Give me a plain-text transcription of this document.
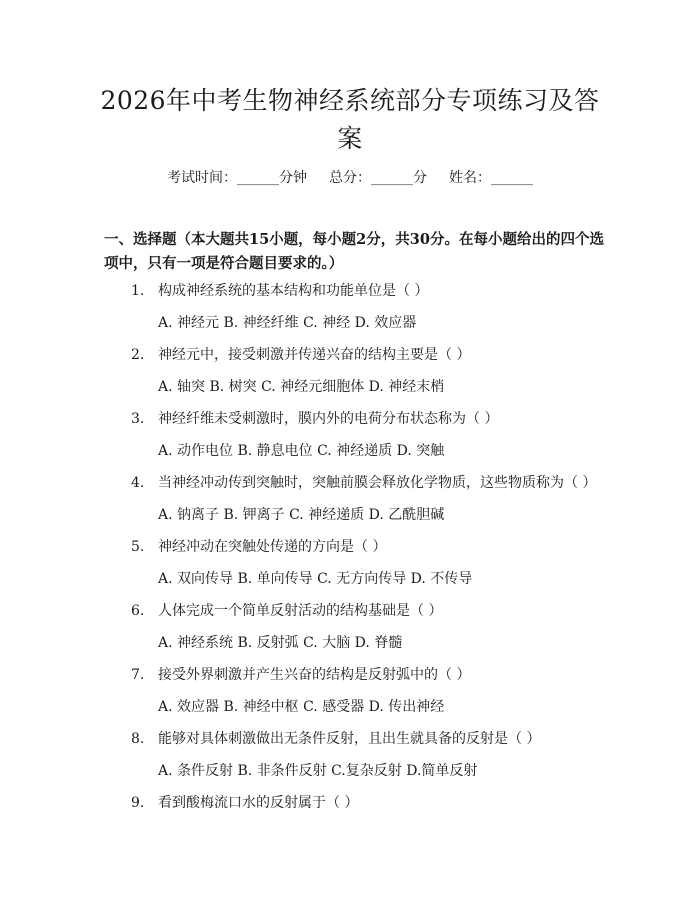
2026年中考生物神经系统部分专项练习及答
案
考试时间：______分钟 总分：______分 姓名：______
一、选择题（本大题共15小题，每小题2分，共30分。在每小题给出的四个选
项中，只有一项是符合题目要求的。）
1. 构成神经系统的基本结构和功能单位是（ ）
A. 神经元 B. 神经纤维 C. 神经 D. 效应器
2. 神经元中，接受刺激并传递兴奋的结构主要是（ ）
A. 轴突 B. 树突 C. 神经元细胞体 D. 神经末梢
3. 神经纤维未受刺激时，膜内外的电荷分布状态称为（ ）
A. 动作电位 B. 静息电位 C. 神经递质 D. 突触
4. 当神经冲动传到突触时，突触前膜会释放化学物质，这些物质称为（ ）
A. 钠离子 B. 钾离子 C. 神经递质 D. 乙酰胆碱
5. 神经冲动在突触处传递的方向是（ ）
A. 双向传导 B. 单向传导 C. 无方向传导 D. 不传导
6. 人体完成一个简单反射活动的结构基础是（ ）
A. 神经系统 B. 反射弧 C. 大脑 D. 脊髓
7. 接受外界刺激并产生兴奋的结构是反射弧中的（ ）
A. 效应器 B. 神经中枢 C. 感受器 D. 传出神经
8. 能够对具体刺激做出无条件反射，且出生就具备的反射是（ ）
A. 条件反射 B. 非条件反射 C.复杂反射 D.简单反射
9. 看到酸梅流口水的反射属于（ ）
